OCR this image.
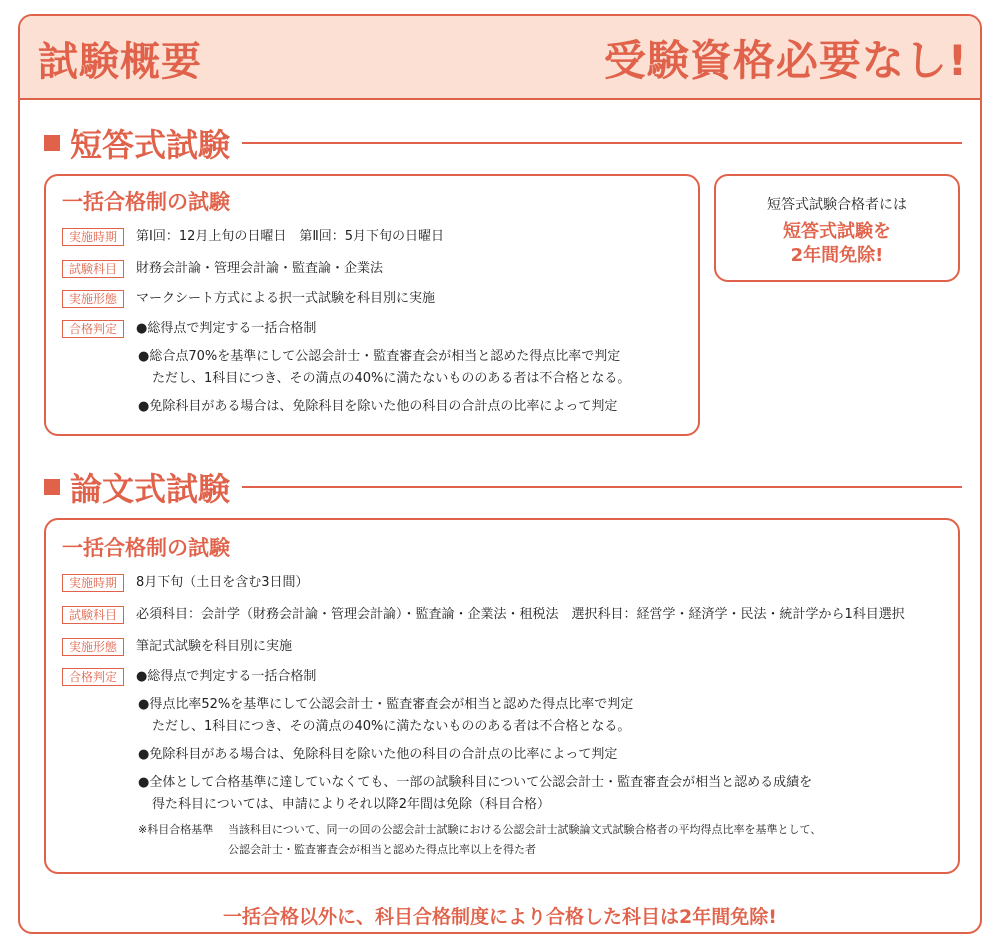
試験概要	受験資格必要なし!
短答式試験
一括合格制の試験
実施時期	第Ⅰ回：12月上旬の日曜日　第Ⅱ回：5月下旬の日曜日
試験科目	財務会計論・管理会計論・監査論・企業法
実施形態	マークシート方式による択一式試験を科目別に実施
合格判定	●総得点で判定する一括合格制
●総合点70%を基準にして公認会計士・監査審査会が相当と認めた得点比率で判定
ただし、1科目につき、その満点の40%に満たないもののある者は不合格となる。
●免除科目がある場合は、免除科目を除いた他の科目の合計点の比率によって判定
短答式試験合格者には
短答式試験を
2年間免除!
論文式試験
一括合格制の試験
実施時期	8月下旬（土日を含む3日間）
試験科目	必須科目：会計学（財務会計論・管理会計論）・監査論・企業法・租税法　選択科目：経営学・経済学・民法・統計学から1科目選択
実施形態	筆記式試験を科目別に実施
合格判定	●総得点で判定する一括合格制
●得点比率52%を基準にして公認会計士・監査審査会が相当と認めた得点比率で判定
ただし、1科目につき、その満点の40%に満たないもののある者は不合格となる。
●免除科目がある場合は、免除科目を除いた他の科目の合計点の比率によって判定
●全体として合格基準に達していなくても、一部の試験科目について公認会計士・監査審査会が相当と認める成績を
得た科目については、申請によりそれ以降2年間は免除（科目合格）
※科目合格基準 当該科目について、同一の回の公認会計士試験における公認会計士試験論文式試験合格者の平均得点比率を基準として、
公認会計士・監査審査会が相当と認めた得点比率以上を得た者
一括合格以外に、科目合格制度により合格した科目は2年間免除!
